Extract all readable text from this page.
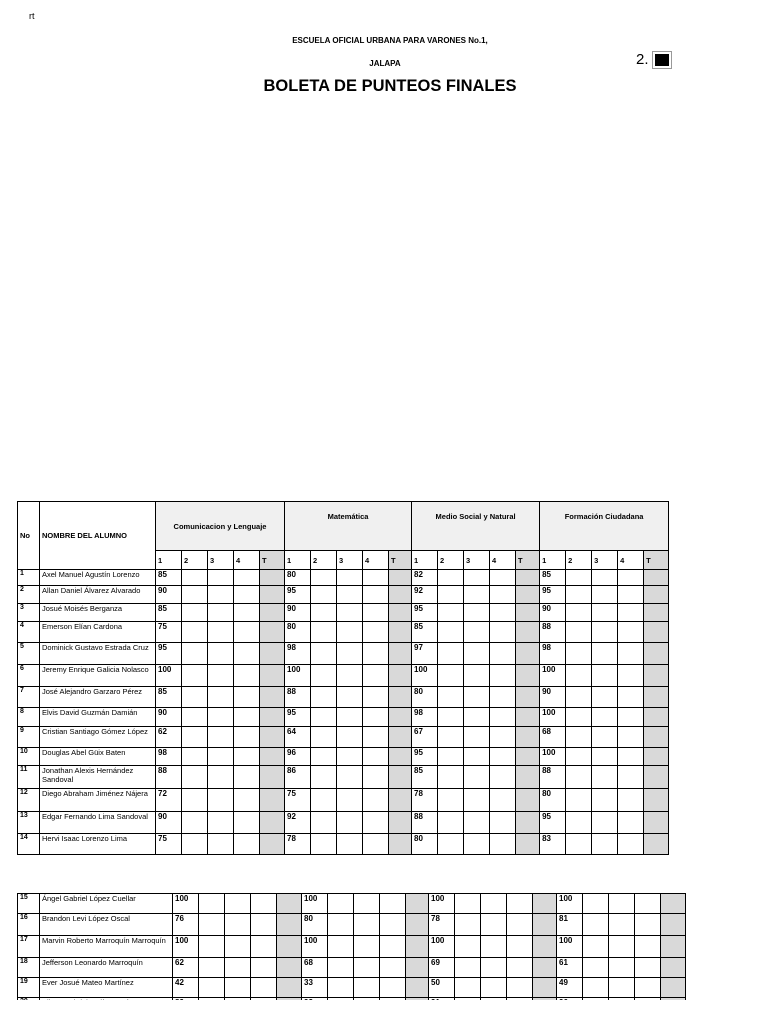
rt
ESCUELA OFICIAL URBANA PARA VARONES No.1,
JALAPA	2.
BOLETA DE PUNTEOS FINALES
No	NOMBRE DEL ALUMNO	Comunicacion y Lenguaje					Matemática					Medio Social y Natural					Formación Ciudadana				
		1	2	3	4	T	1	2	3	4	T	1	2	3	4	T	1	2	3	4	T
1	Axel Manuel Agustín Lorenzo	85					80					82					85				
2	Allan Daniel Álvarez Alvarado	90					95					92					95				
3	Josué Moisés Berganza	85					90					95					90				
4	Emerson Elían Cardona	75					80					85					88				
5	Dominick Gustavo Estrada Cruz	95					98					97					98				
6	Jeremy Enrique Galicia Nolasco	100					100					100					100				
7	José Alejandro Garzaro Pérez	85					88					80					90				
8	Elvis David Guzmán Damián	90					95					98					100				
9	Cristian Santiago Gómez López	62					64					67					68				
10	Douglas Abel Güix Baten	98					96					95					100				
11	Jonathan Alexis Hernández Sandoval	88					86					85					88				
12	Diego Abraham Jiménez Nájera	72					75					78					80				
13	Edgar Fernando Lima Sandoval	90					92					88					95				
14	Hervi Isaac Lorenzo Lima	75					78					80					83				
15	Ángel Gabriel López Cuellar	100					100					100					100				
16	Brandon Levi López Oscal	76					80					78					81				
17	Marvin Roberto Marroquín Marroquín	100					100					100					100				
18	Jefferson Leonardo Marroquín	62					68					69					61				
19	Ever Josué Mateo Martínez	42					33					50					49				
